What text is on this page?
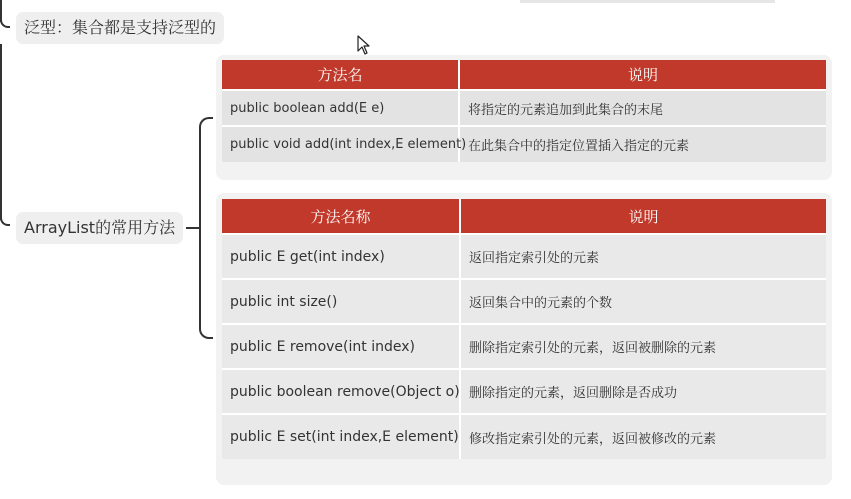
泛型：集合都是支持泛型的
ArrayList的常用方法
方法名	说明
public boolean add(E e)	将指定的元素追加到此集合的末尾
public void add(int index,E element)	在此集合中的指定位置插入指定的元素
方法名称	说明
public E get(int index)	返回指定索引处的元素
public int size()	返回集合中的元素的个数
public E remove(int index)	删除指定索引处的元素，返回被删除的元素
public boolean remove(Object o)	删除指定的元素，返回删除是否成功
public E set(int index,E element)	修改指定索引处的元素，返回被修改的元素
